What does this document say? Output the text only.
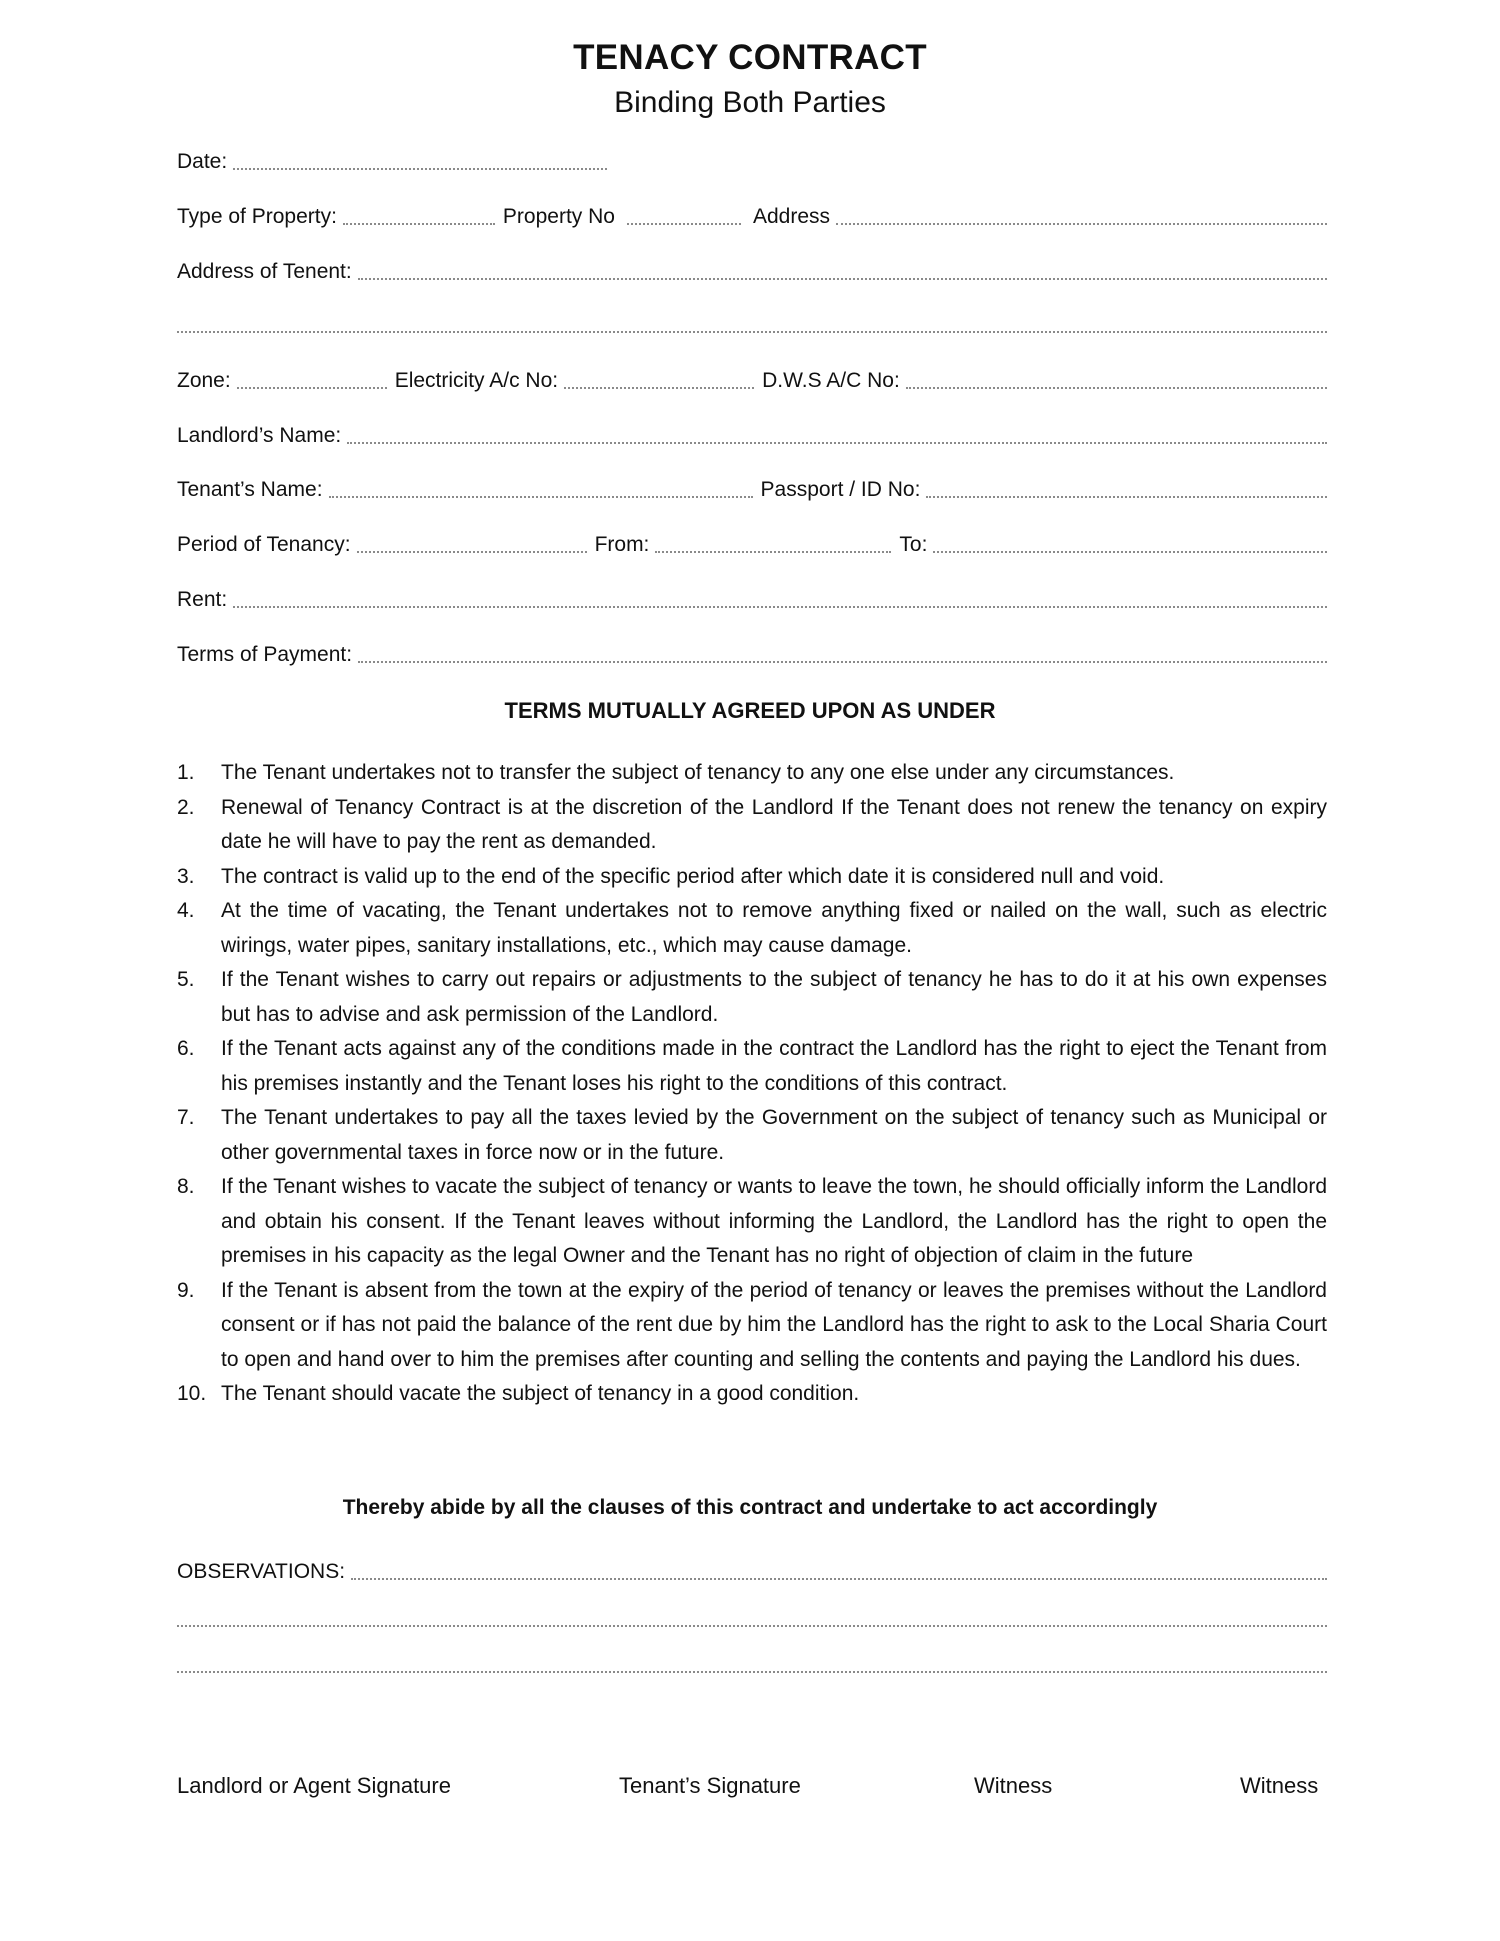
TENACY CONTRACT
Binding Both Parties
Date:
Type of Property:	Property No	Address
Address of Tenent:
Zone:	Electricity A/c No:	D.W.S A/C No:
Landlord’s Name:
Tenant’s Name:	Passport / ID No:
Period of Tenancy:	From:	To:
Rent:
Terms of Payment:
TERMS MUTUALLY AGREED UPON AS UNDER
1.	The Tenant undertakes not to transfer the subject of tenancy to any one else under any circumstances.
2.	Renewal of Tenancy Contract is at the discretion of the Landlord If the Tenant does not renew the tenancy on expiry date he will have to pay the rent as demanded.
3.	The contract is valid up to the end of the specific period after which date it is considered null and void.
4.	At the time of vacating, the Tenant undertakes not to remove anything fixed or nailed on the wall, such as electric wirings, water pipes, sanitary installations, etc., which may cause damage.
5.	If the Tenant wishes to carry out repairs or adjustments to the subject of tenancy he has to do it at his own expenses but has to advise and ask permission of the Landlord.
6.	If the Tenant acts against any of the conditions made in the contract the Landlord has the right to eject the Tenant from his premises instantly and the Tenant loses his right to the conditions of this contract.
7.	The Tenant undertakes to pay all the taxes levied by the Government on the subject of tenancy such as Municipal or other governmental taxes in force now or in the future.
8.	If the Tenant wishes to vacate the subject of tenancy or wants to leave the town, he should officially inform the Landlord and obtain his consent. If the Tenant leaves without informing the Landlord, the Landlord has the right to open the premises in his capacity as the legal Owner and the Tenant has no right of objection of claim in the future
9.	If the Tenant is absent from the town at the expiry of the period of tenancy or leaves the premises without the Landlord consent or if has not paid the balance of the rent due by him the Landlord has the right to ask to the Local Sharia Court to open and hand over to him the premises after counting and selling the contents and paying the Landlord his dues.
10. The Tenant should vacate the subject of tenancy in a good condition.
Thereby abide by all the clauses of this contract and undertake to act accordingly
OBSERVATIONS:
Landlord or Agent Signature	Tenant’s Signature	Witness	Witness
